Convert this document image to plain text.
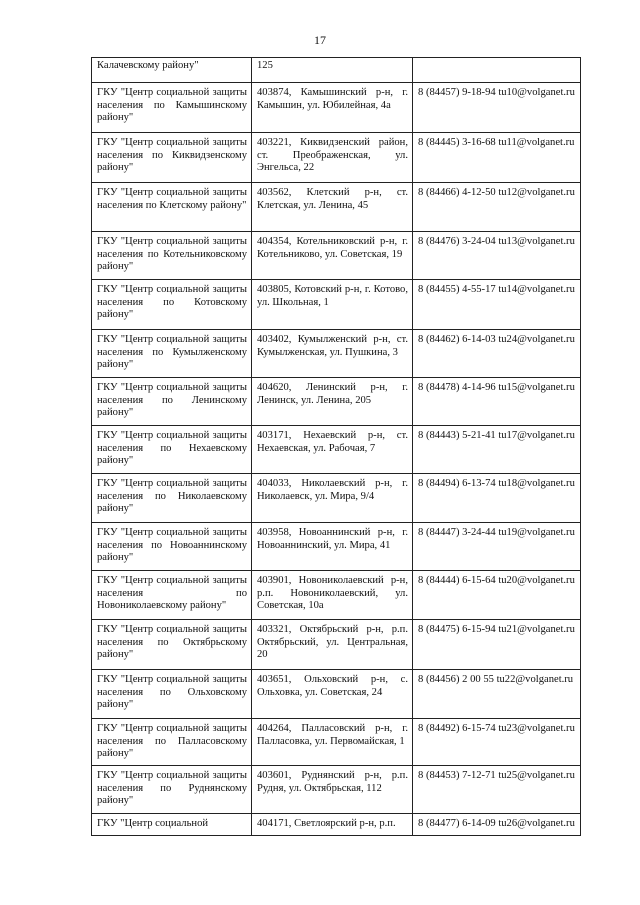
17
Калачевскому району"	125	
ГКУ "Центр социальной защиты населения по Камышинскому району"	403874, Камышинский р-н, г. Камышин, ул. Юбилейная, 4а	8 (84457) 9-18-94 tu10@volganet.ru
ГКУ "Центр социальной защиты населения по Киквидзенскому району"	403221, Киквидзенский район, ст. Преображенская, ул. Энгельса, 22	8 (84445) 3-16-68 tu11@volganet.ru
ГКУ "Центр социальной защиты населения по Клетскому району"	403562, Клетский р-н, ст. Клетская, ул. Ленина, 45	8 (84466) 4-12-50 tu12@volganet.ru
ГКУ "Центр социальной защиты населения по Котельниковскому району"	404354, Котельниковский р-н, г. Котельниково, ул. Советская, 19	8 (84476) 3-24-04 tu13@volganet.ru
ГКУ "Центр социальной защиты населения по Котовскому району"	403805, Котовский р-н, г. Котово, ул. Школьная, 1	8 (84455) 4-55-17 tu14@volganet.ru
ГКУ "Центр социальной защиты населения по Кумылженскому району"	403402, Кумылженский р-н, ст. Кумылженская, ул. Пушкина, 3	8 (84462) 6-14-03 tu24@volganet.ru
ГКУ "Центр социальной защиты населения по Ленинскому району"	404620, Ленинский р-н, г. Ленинск, ул. Ленина, 205	8 (84478) 4-14-96 tu15@volganet.ru
ГКУ "Центр социальной защиты населения по Нехаевскому району"	403171, Нехаевский р-н, ст. Нехаевская, ул. Рабочая, 7	8 (84443) 5-21-41 tu17@volganet.ru
ГКУ "Центр социальной защиты населения по Николаевскому району"	404033, Николаевский р-н, г. Николаевск, ул. Мира, 9/4	8 (84494) 6-13-74 tu18@volganet.ru
ГКУ "Центр социальной защиты населения по Новоаннинскому району"	403958, Новоаннинский р-н, г. Новоаннинский, ул. Мира, 41	8 (84447) 3-24-44 tu19@volganet.ru
ГКУ "Центр социальной защиты населения по Новониколаевскому району"	403901, Новониколаевский р-н, р.п. Новониколаевский, ул. Советская, 10а	8 (84444) 6-15-64 tu20@volganet.ru
ГКУ "Центр социальной защиты населения по Октябрьскому району"	403321, Октябрьский р-н, р.п. Октябрьский, ул. Центральная, 20	8 (84475) 6-15-94 tu21@volganet.ru
ГКУ "Центр социальной защиты населения по Ольховскому району"	403651, Ольховский р-н, с. Ольховка, ул. Советская, 24	8 (84456) 2 00 55 tu22@volganet.ru
ГКУ "Центр социальной защиты населения по Палласовскому району"	404264, Палласовский р-н, г. Палласовка, ул. Первомайская, 1	8 (84492) 6-15-74 tu23@volganet.ru
ГКУ "Центр социальной защиты населения по Руднянскому району"	403601, Руднянский р-н, р.п. Рудня, ул. Октябрьская, 112	8 (84453) 7-12-71 tu25@volganet.ru
ГКУ "Центр социальной	404171, Светлоярский р-н, р.п.	8 (84477) 6-14-09 tu26@volganet.ru
